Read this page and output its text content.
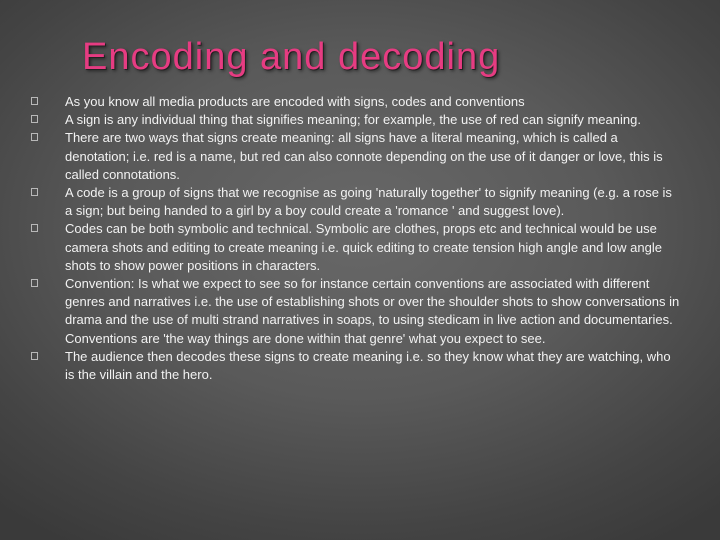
Encoding and decoding
As you know all media products are encoded with signs, codes and conventions
A sign is any individual thing that signifies meaning; for example, the use of red can signify meaning.
There are two ways that signs create meaning: all signs have a literal meaning, which is called a denotation; i.e. red is a name, but red can also connote depending on the use of it danger or love, this is called connotations.
A code is a group of signs that we recognise as going 'naturally together' to signify meaning (e.g. a rose is a sign; but being handed to a girl by a boy could create a 'romance ' and suggest love).
Codes can be both symbolic and technical. Symbolic are clothes, props etc and technical would be use camera shots and editing to create meaning i.e. quick editing to create tension high angle and low angle shots to show power positions in characters.
Convention: Is what we expect to see so for instance certain conventions are associated with different genres and narratives i.e. the use of establishing shots or over the shoulder shots to show conversations in drama and the use of multi strand narratives in soaps, to using stedicam in live action and documentaries. Conventions are 'the way things are done within that genre' what you expect to see.
The audience then decodes these signs to create meaning i.e. so they know what they are watching, who is the villain and the hero.
